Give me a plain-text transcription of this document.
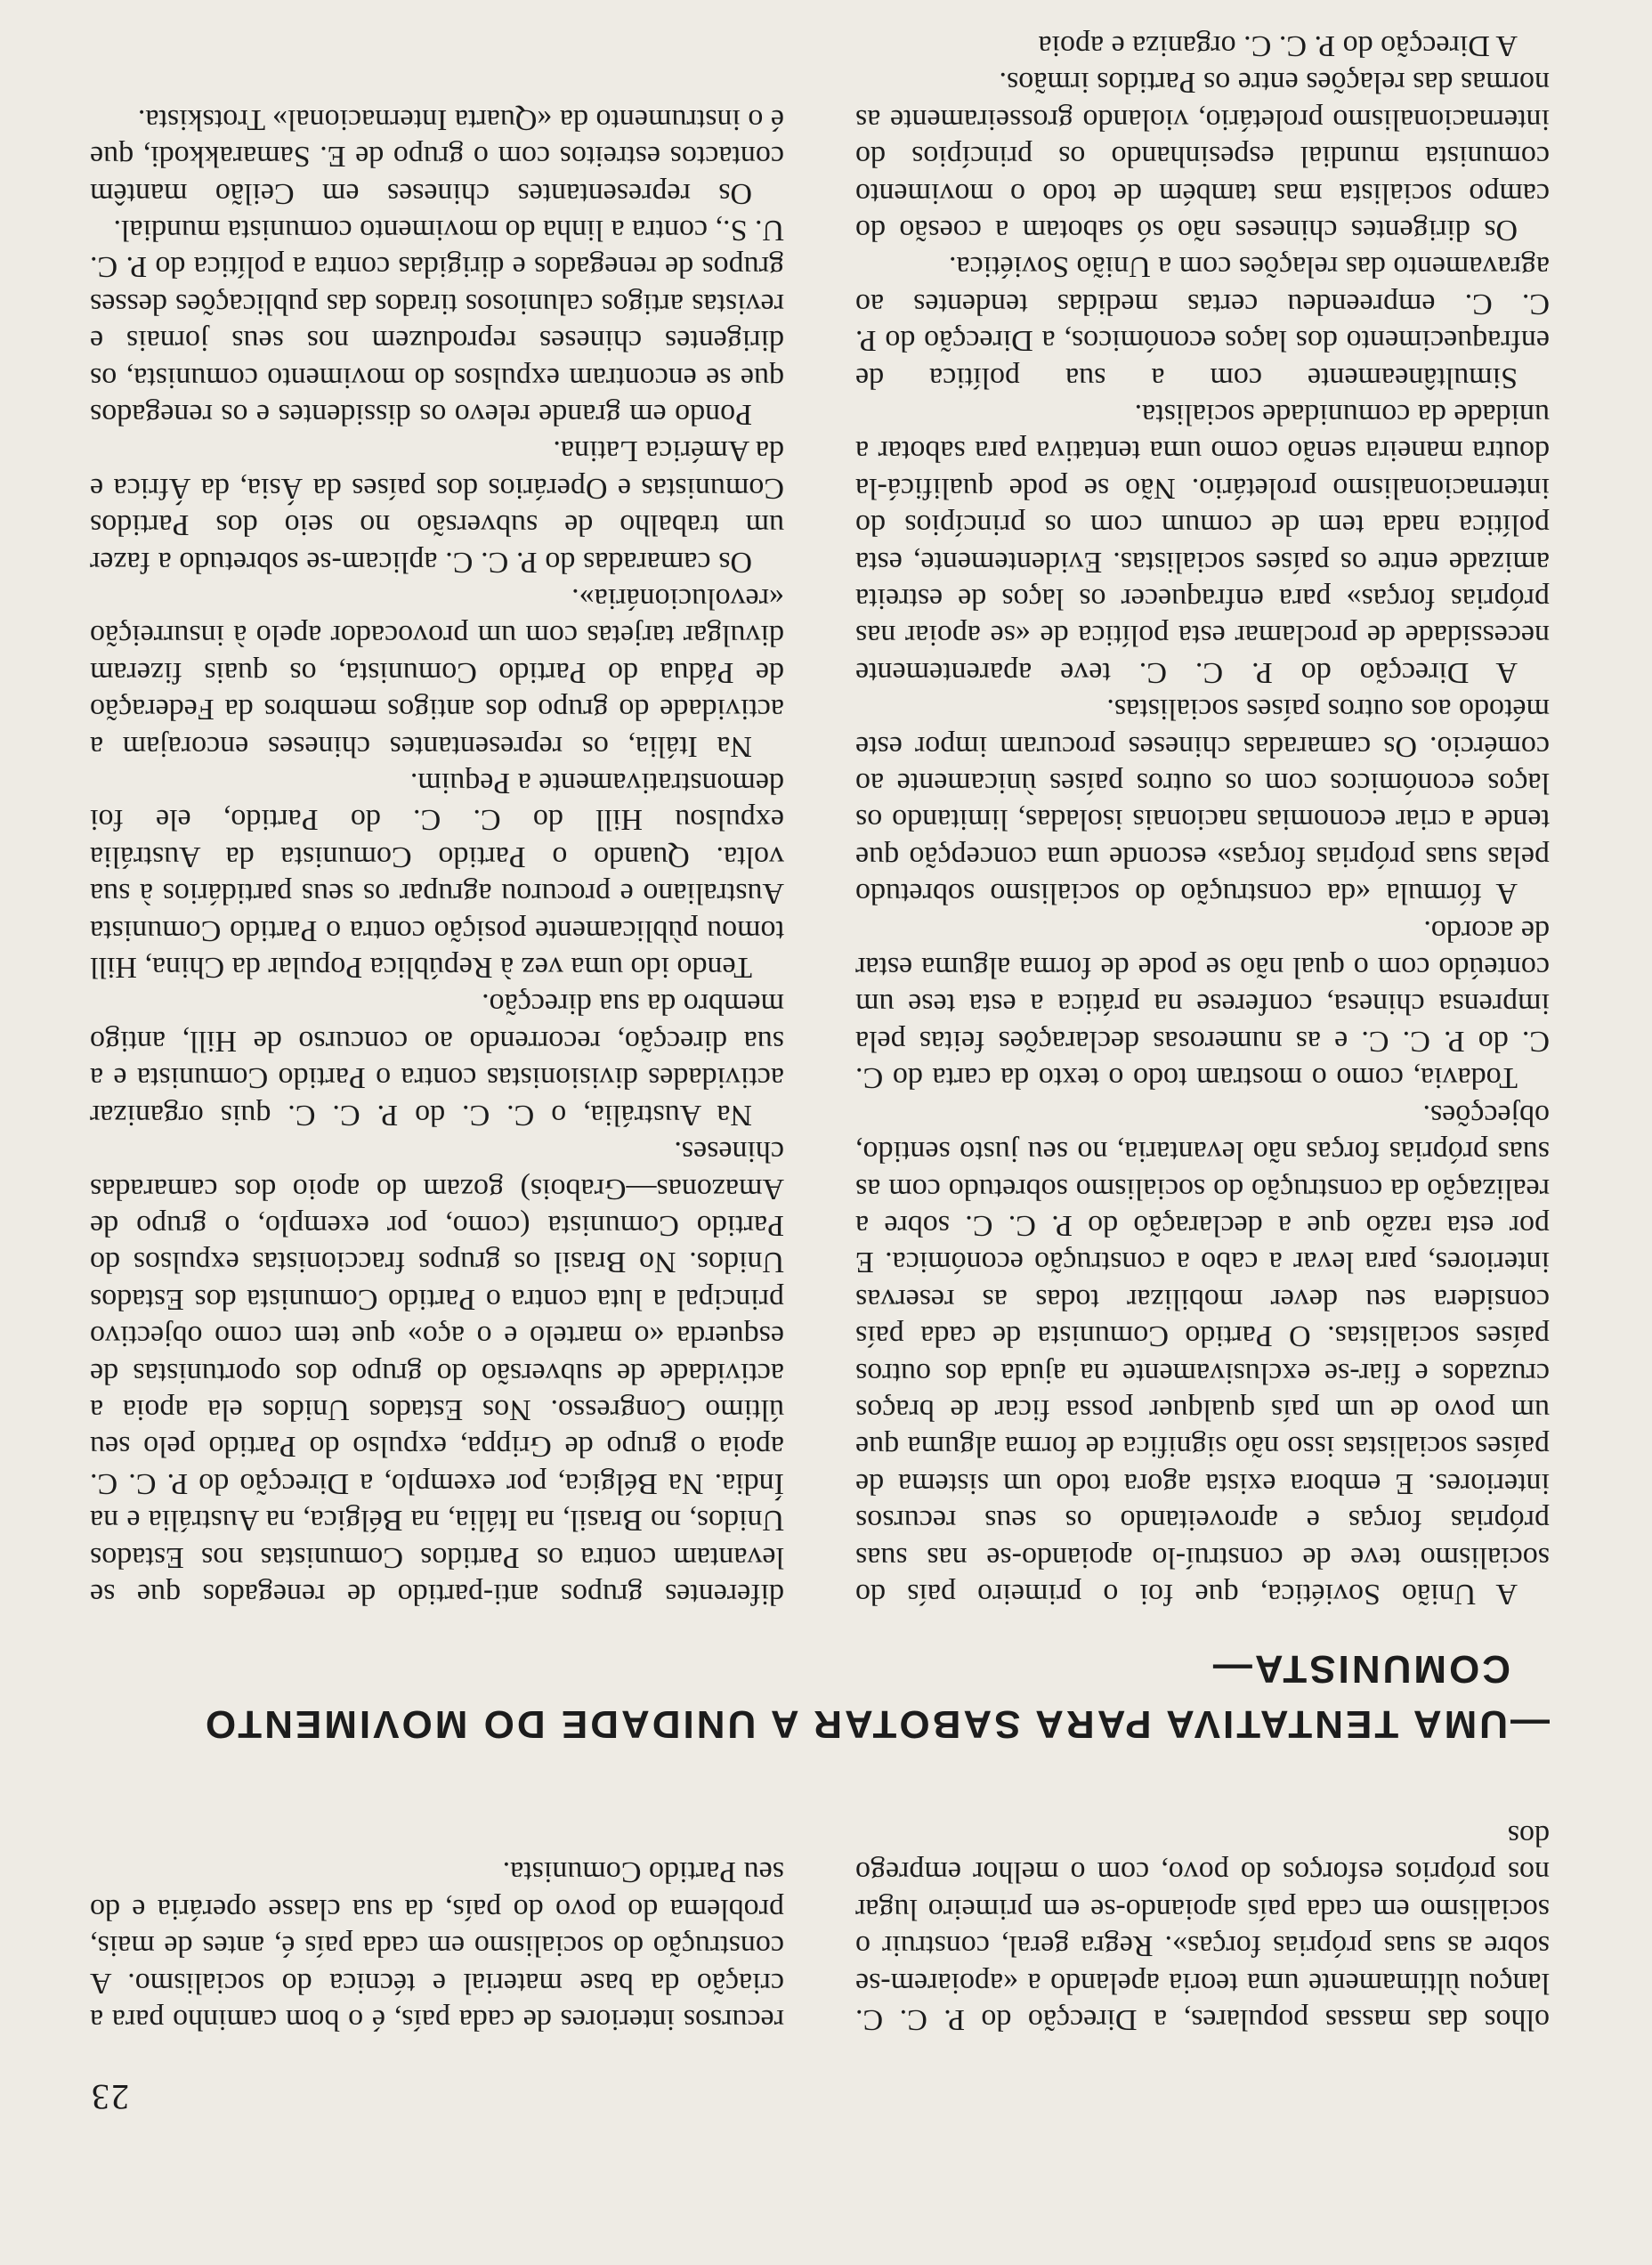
23

olhos das massas populares, a Direcção do P. C. C. lançou ùltimamente uma teoria apelando a «apoiarem-se sobre as suas próprias forças». Regra geral, construir o socialismo em cada país apoiando-se em primeiro lugar nos próprios esforços do povo, com o melhor emprego dos

recursos interiores de cada país, é o bom caminho para a criação da base material e técnica do socialismo. A construção do socialismo em cada país é, antes de mais, problema do povo do país, da sua classe operária e do seu Partido Comunista.

—UMA TENTATIVA PARA SABOTAR A UNIDADE DO MOVIMENTO
COMUNISTA—

A União Soviética, que foi o primeiro país do socialismo teve de construí-lo apoiando-se nas suas próprias forças e aproveitando os seus recursos interiores. E embora exista agora todo um sistema de países socialistas isso não significa de forma alguma que um povo de um país qualquer possa ficar de braços cruzados e fiar-se exclusivamente na ajuda dos outros países socialistas. O Partido Comunista de cada país considera seu dever mobilizar todas as reservas interiores, para levar a cabo a construção económica. E por esta razão que a declaração do P. C. C. sobre a realização da construção do socialismo sobretudo com as suas próprias forças não levantaria, no seu justo sentido, objecções.

Todavia, como o mostram todo o texto da carta do C. C. do P. C. C. e as numerosas declarações feitas pela imprensa chinesa, conferese na prática a esta tese um conteúdo com o qual não se pode de forma alguma estar de acordo.

A fórmula «da construção do socialismo sobretudo pelas suas próprias forças» esconde uma concepção que tende a criar economias nacionais isoladas, limitando os laços económicos com os outros países ùnicamente ao comércio. Os camaradas chineses procuram impor este método aos outros países socialistas.

A Direcção do P. C. C. teve aparentemente necessidade de proclamar esta política de «se apoiar nas próprias forças» para enfraquecer os laços de estreita amizade entre os países socialistas. Evidentemente, esta política nada tem de comum com os princípios do internacionalismo proletário. Não se pode qualificá-la doutra maneira senão como uma tentativa para sabotar a unidade da comunidade socialista.

Simultâneamente com a sua política de enfraquecimento dos laços económicos, a Direcção do P. C. C. empreendeu certas medidas tendentes ao agravamento das relações com a União Soviética.

Os dirigentes chineses não só sabotam a coesão do campo socialista mas também de todo o movimento comunista mundial espesinhando os princípios do internacionalismo proletário, violando grosseiramente as normas das relações entre os Partidos irmãos.

A Direcção do P. C. C. organiza e apoia

diferentes grupos anti-partido de renegados que se levantam contra os Partidos Comunistas nos Estados Unidos, no Brasil, na Itália, na Bélgica, na Austrália e na Índia. Na Bélgica, por exemplo, a Direcção do P. C. C. apoia o grupo de Grippa, expulso do Partido pelo seu último Congresso. Nos Estados Unidos ela apoia a actividade de subversão do grupo dos oportunistas de esquerda «o martelo e o aço» que tem como objectivo principal a luta contra o Partido Comunista dos Estados Unidos. No Brasil os grupos fraccionistas expulsos do Partido Comunista (como, por exemplo, o grupo de Amazonas—Grabois) gozam do apoio dos camaradas chineses.

Na Austrália, o C. C. do P. C. C. quis organizar actividades divisionistas contra o Partido Comunista e a sua direcção, recorrendo ao concurso de Hill, antigo membro da sua direcção.

Tendo ido uma vez à República Popular da China, Hill tomou pùblicamente posição contra o Partido Comunista Australiano e procurou agrupar os seus partidários à sua volta. Quando o Partido Comunista da Austrália expulsou Hill do C. C. do Partido, ele foi demonstrativamente a Pequim.

Na Itália, os representantes chineses encorajam a actividade do grupo dos antigos membros da Federação de Pádua do Partido Comunista, os quais fizeram divulgar tarjetas com um provocador apelo à insurreição «revolucionária».

Os camaradas do P. C. C. aplicam-se sobretudo a fazer um trabalho de subversão no seio dos Partidos Comunistas e Operários dos países da Ásia, da África e da América Latina.

Pondo em grande relevo os dissidentes e os renegados que se encontram expulsos do movimento comunista, os dirigentes chineses reproduzem nos seus jornais e revistas artigos caluniosos tirados das publicações desses grupos de renegados e dirigidas contra a política do P. C. U. S., contra a linha do movimento comunista mundial.

Os representantes chineses em Ceilão mantêm contactos estreitos com o grupo de E. Samarakkodi, que é o instrumento da «Quarta Internacional» Trotskista.
